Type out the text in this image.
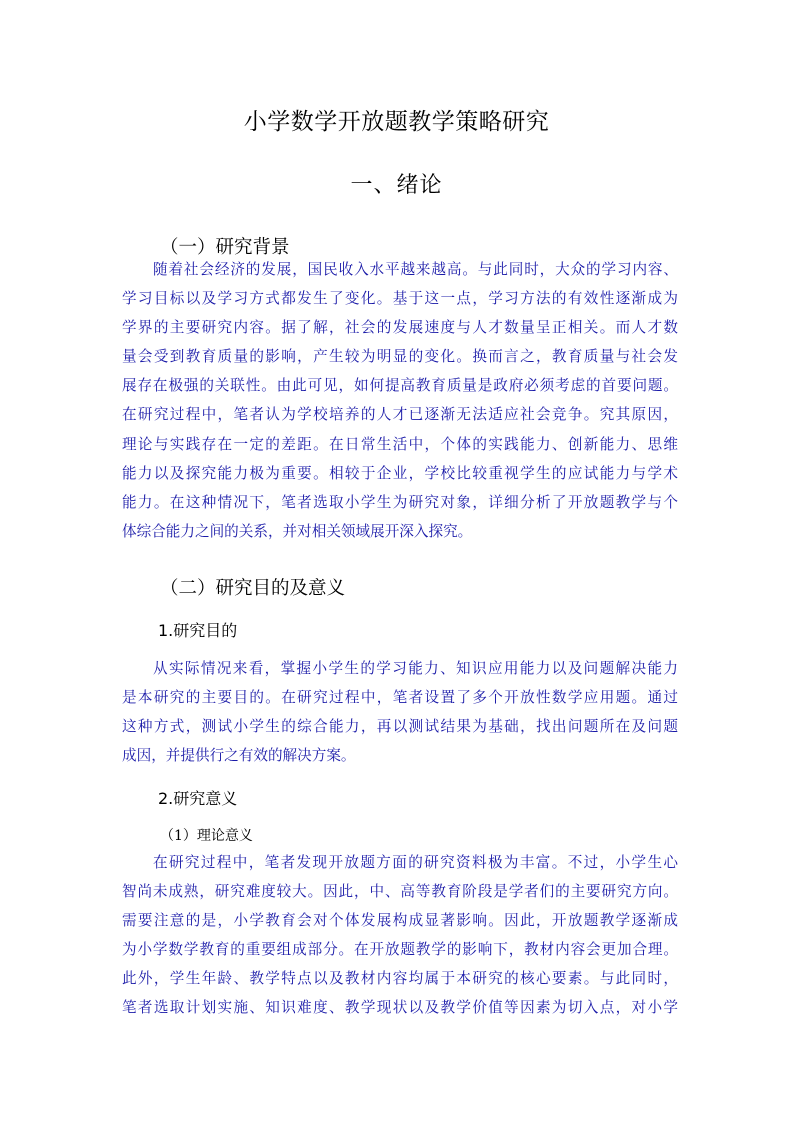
小学数学开放题教学策略研究
一、绪论
（一）研究背景
随着社会经济的发展，国民收入水平越来越高。与此同时，大众的学习内容、
学习目标以及学习方式都发生了变化。基于这一点，学习方法的有效性逐渐成为
学界的主要研究内容。据了解，社会的发展速度与人才数量呈正相关。而人才数
量会受到教育质量的影响，产生较为明显的变化。换而言之，教育质量与社会发
展存在极强的关联性。由此可见，如何提高教育质量是政府必须考虑的首要问题。
在研究过程中，笔者认为学校培养的人才已逐渐无法适应社会竞争。究其原因，
理论与实践存在一定的差距。在日常生活中，个体的实践能力、创新能力、思维
能力以及探究能力极为重要。相较于企业，学校比较重视学生的应试能力与学术
能力。在这种情况下，笔者选取小学生为研究对象，详细分析了开放题教学与个
体综合能力之间的关系，并对相关领域展开深入探究。
（二）研究目的及意义
1.研究目的
从实际情况来看，掌握小学生的学习能力、知识应用能力以及问题解决能力
是本研究的主要目的。在研究过程中，笔者设置了多个开放性数学应用题。通过
这种方式，测试小学生的综合能力，再以测试结果为基础，找出问题所在及问题
成因，并提供行之有效的解决方案。
2.研究意义
（1）理论意义
在研究过程中，笔者发现开放题方面的研究资料极为丰富。不过，小学生心
智尚未成熟，研究难度较大。因此，中、高等教育阶段是学者们的主要研究方向。
需要注意的是，小学教育会对个体发展构成显著影响。因此，开放题教学逐渐成
为小学数学教育的重要组成部分。在开放题教学的影响下，教材内容会更加合理。
此外，学生年龄、教学特点以及教材内容均属于本研究的核心要素。与此同时，
笔者选取计划实施、知识难度、教学现状以及教学价值等因素为切入点，对小学
